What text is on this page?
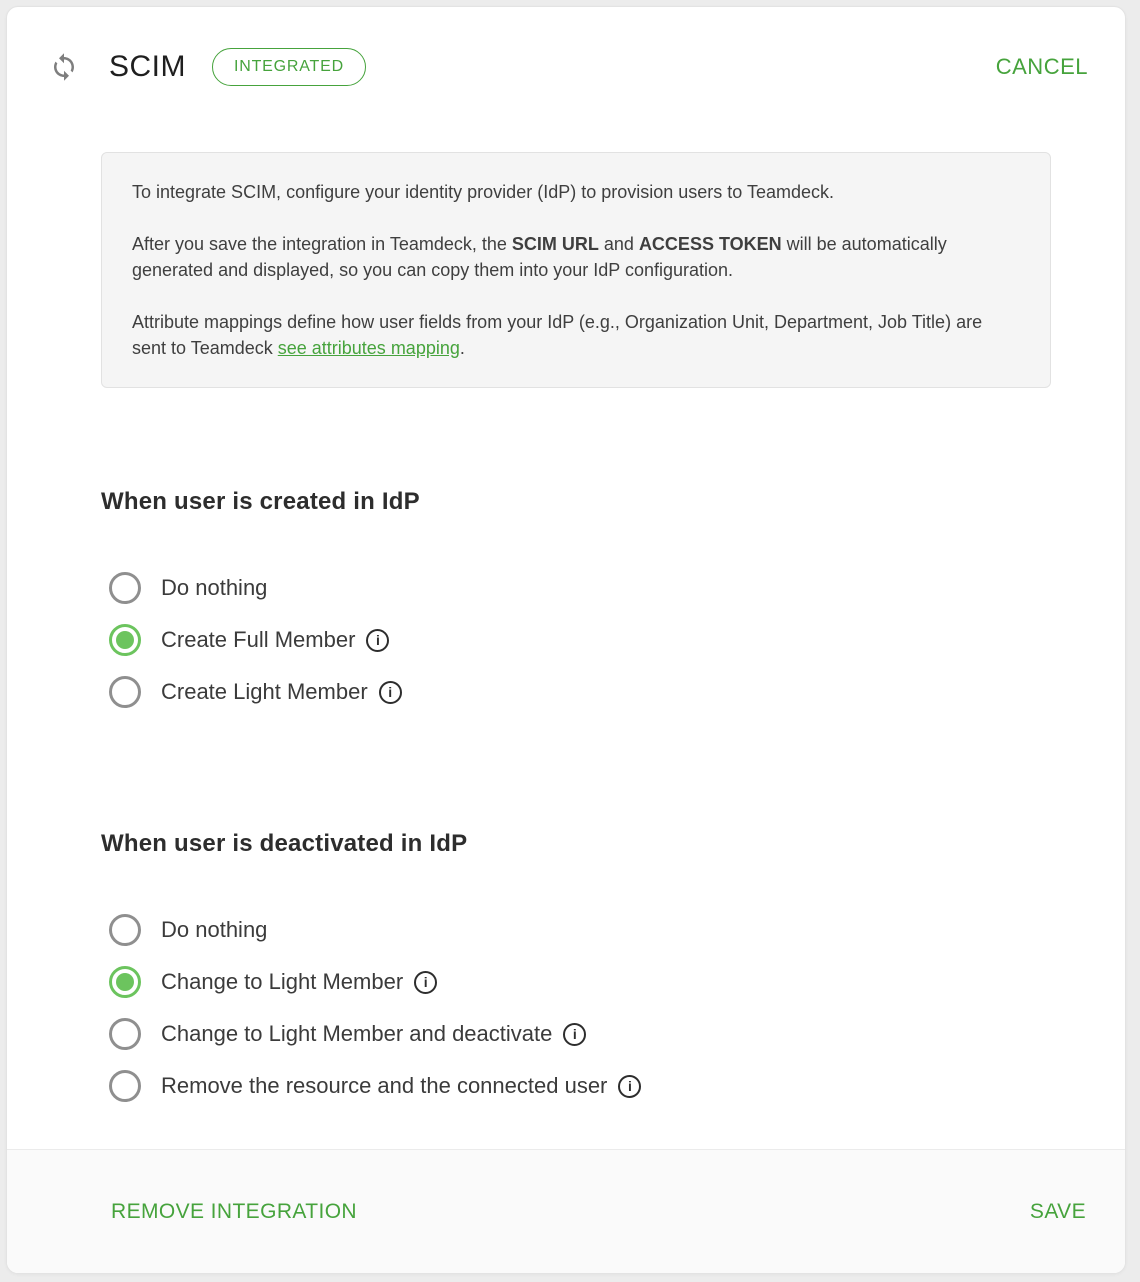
SCIM	INTEGRATED	CANCEL

To integrate SCIM, configure your identity provider (IdP) to provision users to Teamdeck.

After you save the integration in Teamdeck, the SCIM URL and ACCESS TOKEN will be automatically generated and displayed, so you can copy them into your IdP configuration.

Attribute mappings define how user fields from your IdP (e.g., Organization Unit, Department, Job Title) are sent to Teamdeck see attributes mapping.

When user is created in IdP
Do nothing
Create Full Member	i
Create Light Member	i
When user is deactivated in IdP
Do nothing
Change to Light Member	i
Change to Light Member and deactivate	i
Remove the resource and the connected user	i
REMOVE INTEGRATION	SAVE
